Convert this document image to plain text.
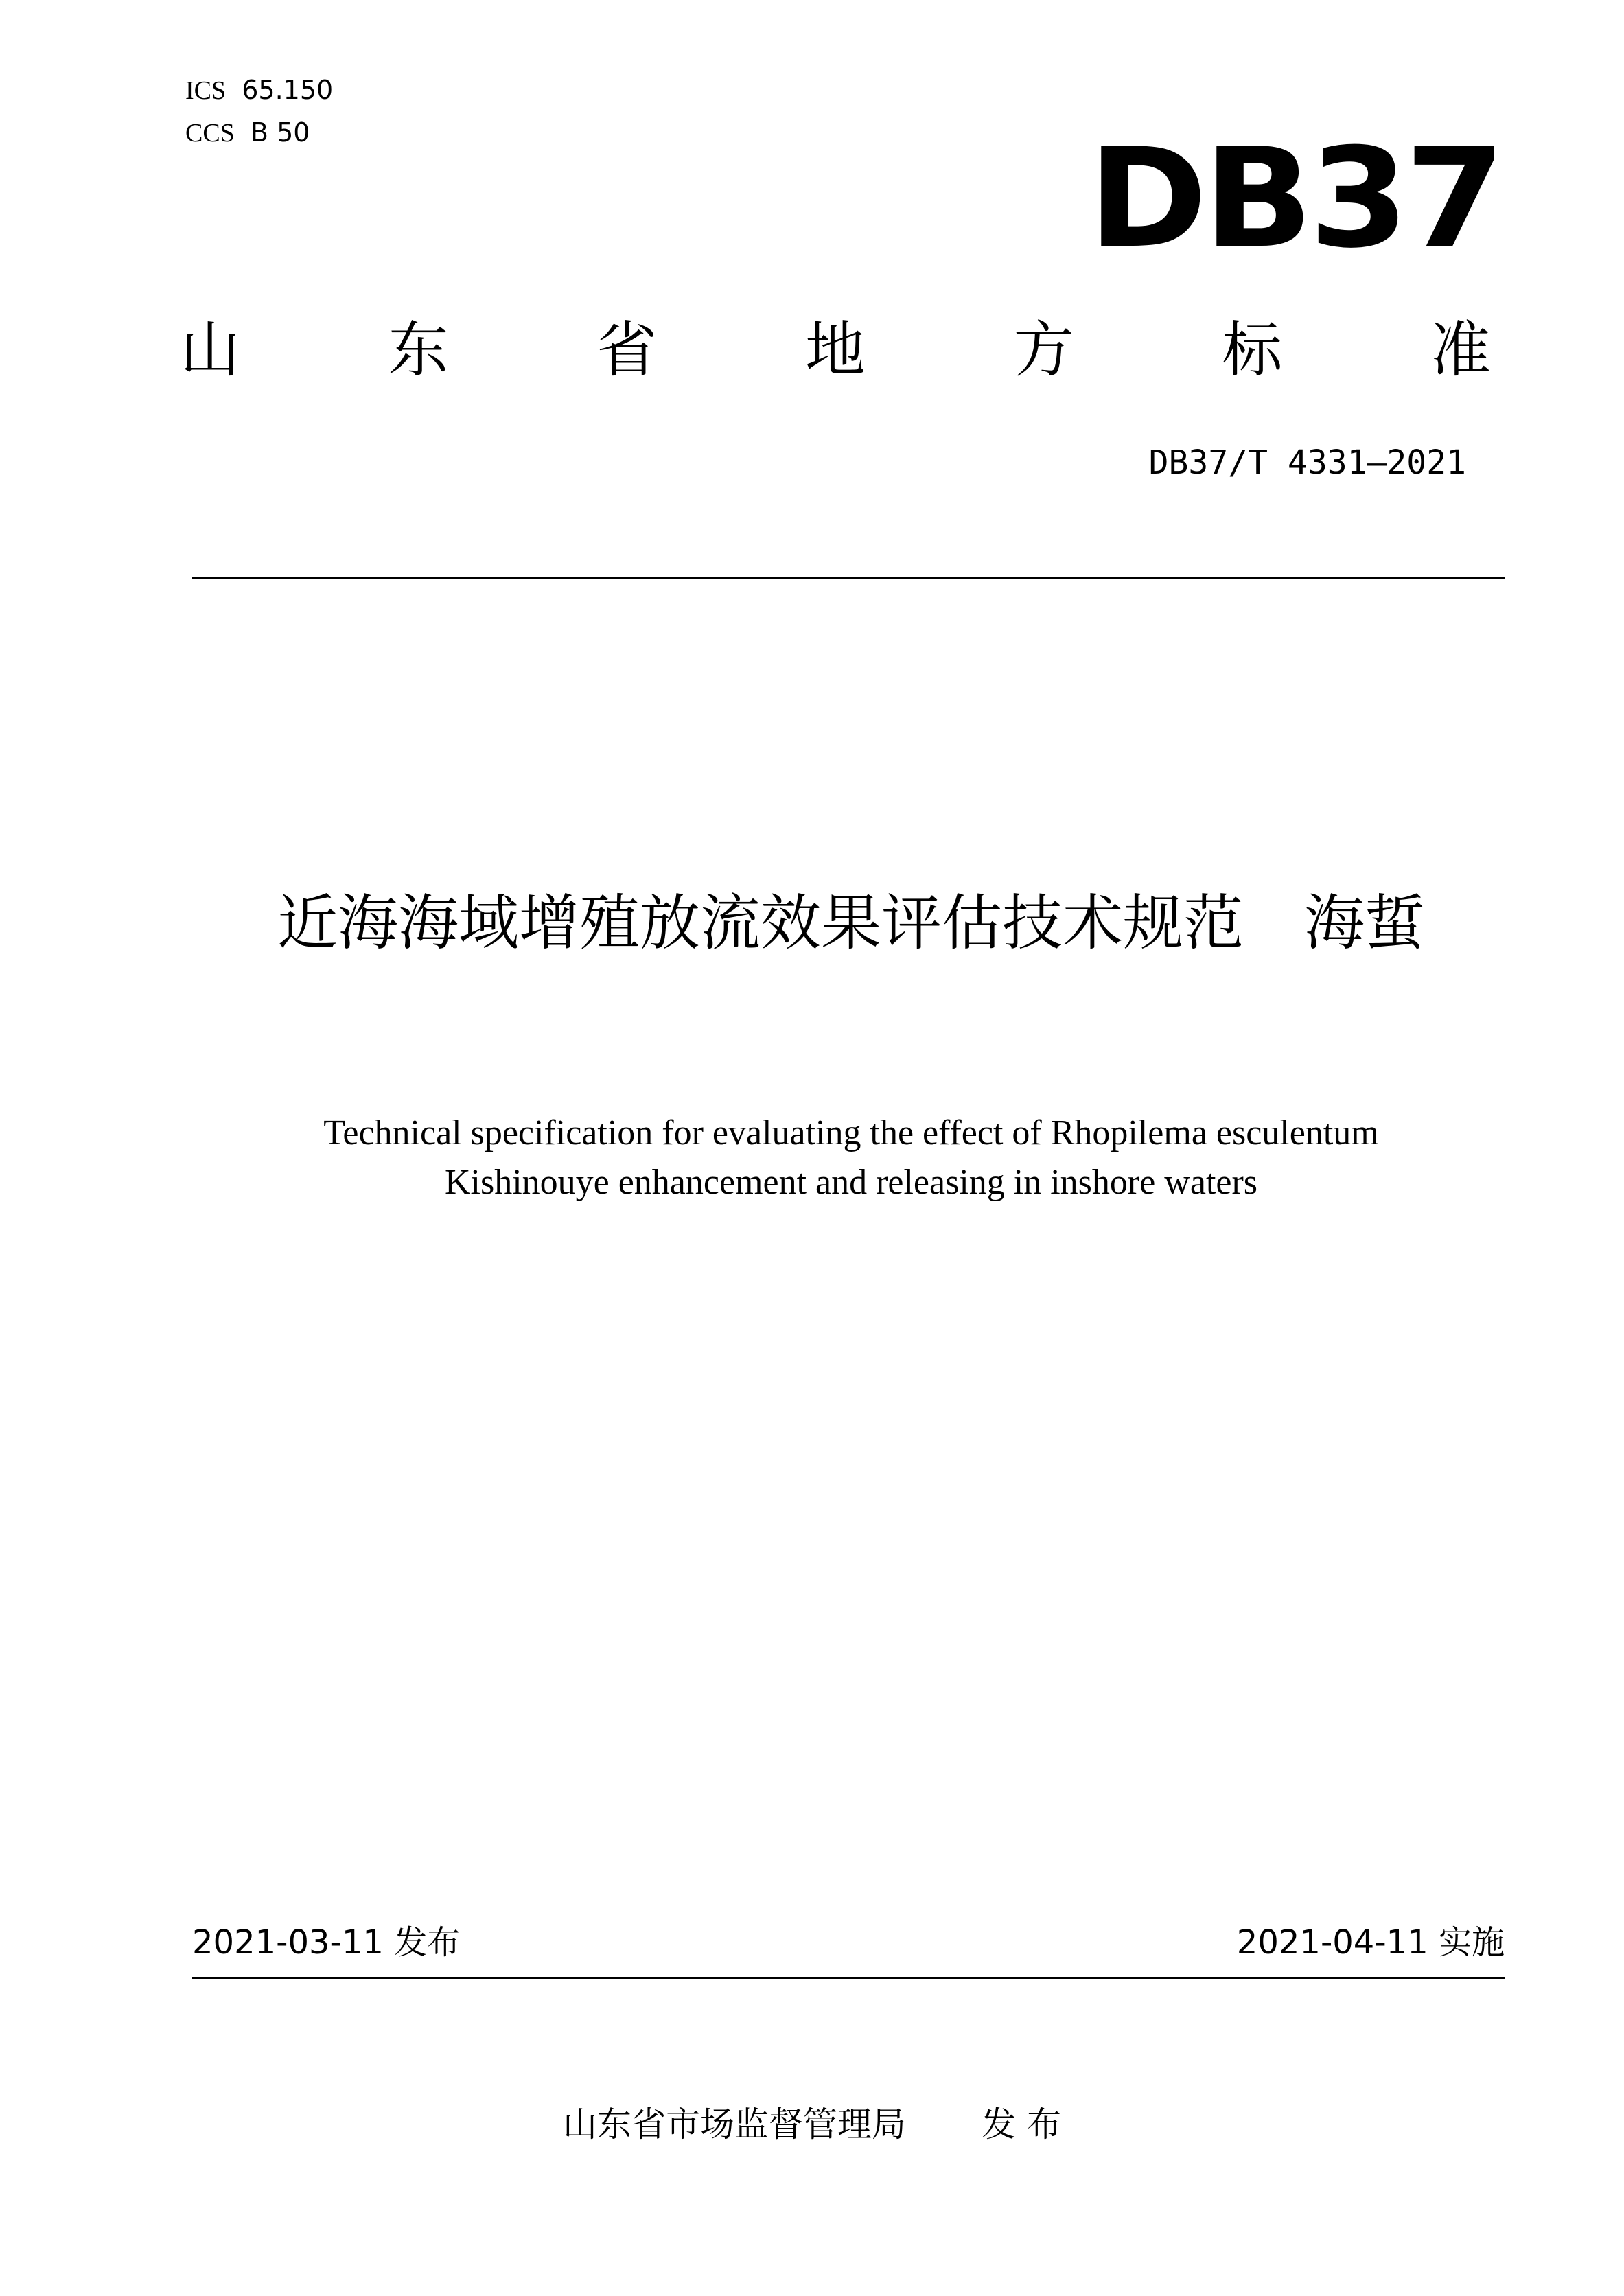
ICS 65.150
CCS B 50	DB37
山 东 省 地 方 标 准
DB37/T 4331—2021
近海海域增殖放流效果评估技术规范　海蜇
Technical specification for evaluating the effect of Rhopilema esculentum
Kishinouye enhancement and releasing in inshore waters
2021-03-11 发布	2021-04-11 实施
山东省市场监督管理局 发 布
